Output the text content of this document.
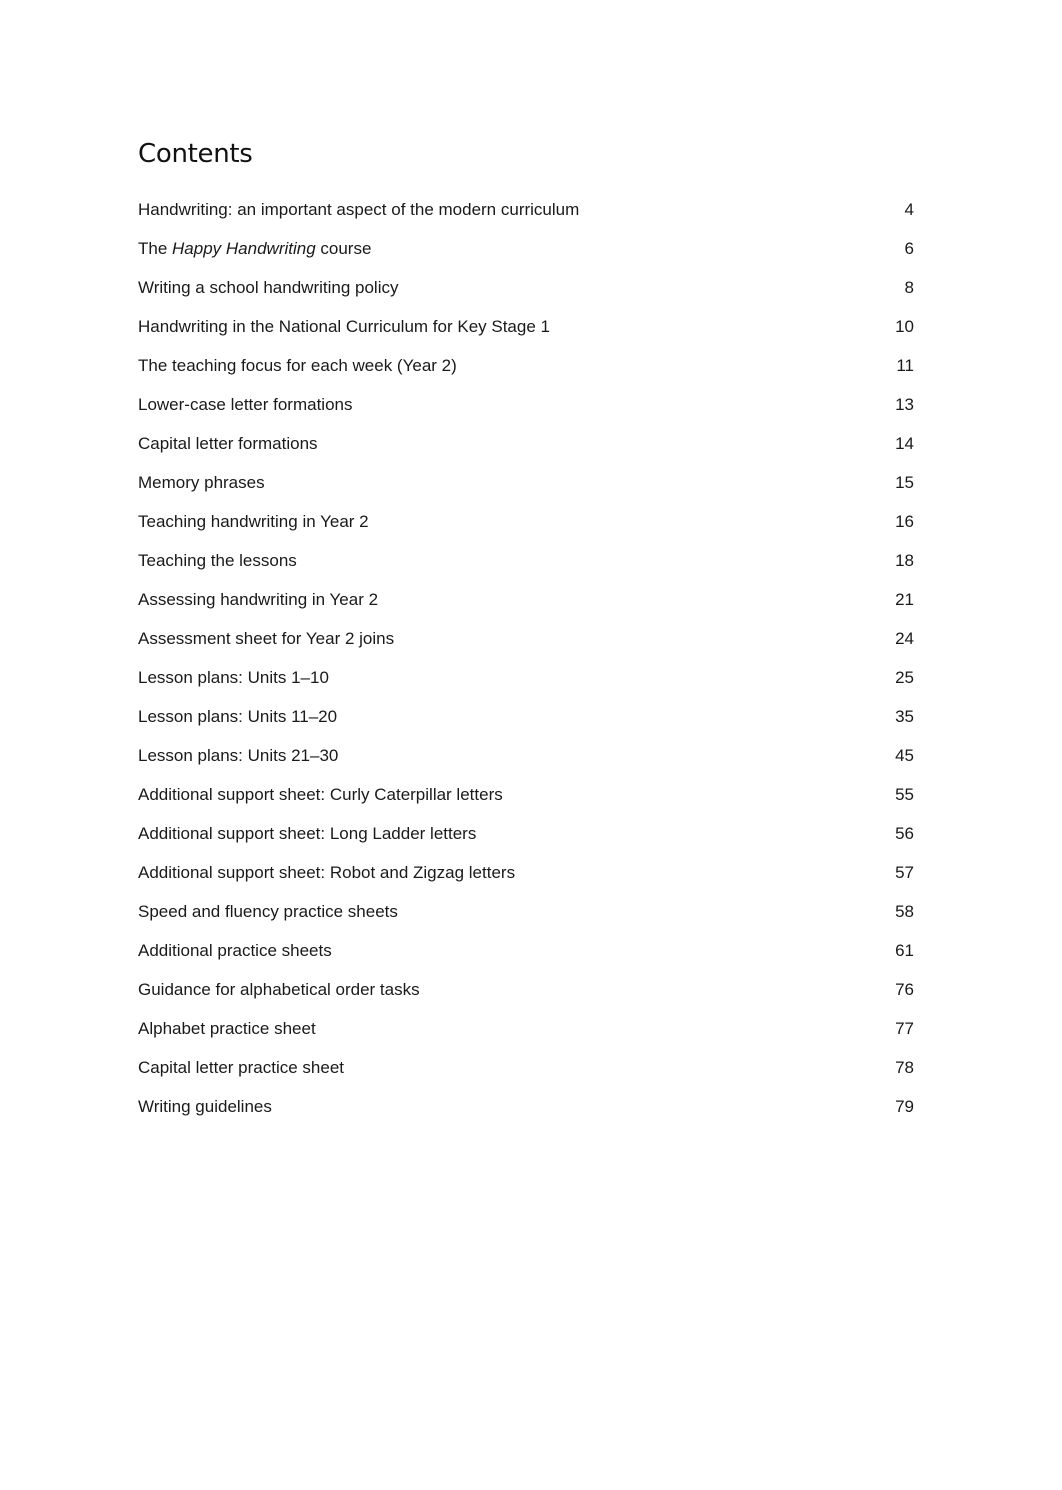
Contents
Handwriting: an important aspect of the modern curriculum	4
The Happy Handwriting course	6
Writing a school handwriting policy	8
Handwriting in the National Curriculum for Key Stage 1	10
The teaching focus for each week (Year 2)	11
Lower-case letter formations	13
Capital letter formations	14
Memory phrases	15
Teaching handwriting in Year 2	16
Teaching the lessons	18
Assessing handwriting in Year 2	21
Assessment sheet for Year 2 joins	24
Lesson plans: Units 1–10	25
Lesson plans: Units 11–20	35
Lesson plans: Units 21–30	45
Additional support sheet: Curly Caterpillar letters	55
Additional support sheet: Long Ladder letters	56
Additional support sheet: Robot and Zigzag letters	57
Speed and fluency practice sheets	58
Additional practice sheets	61
Guidance for alphabetical order tasks	76
Alphabet practice sheet	77
Capital letter practice sheet	78
Writing guidelines	79
